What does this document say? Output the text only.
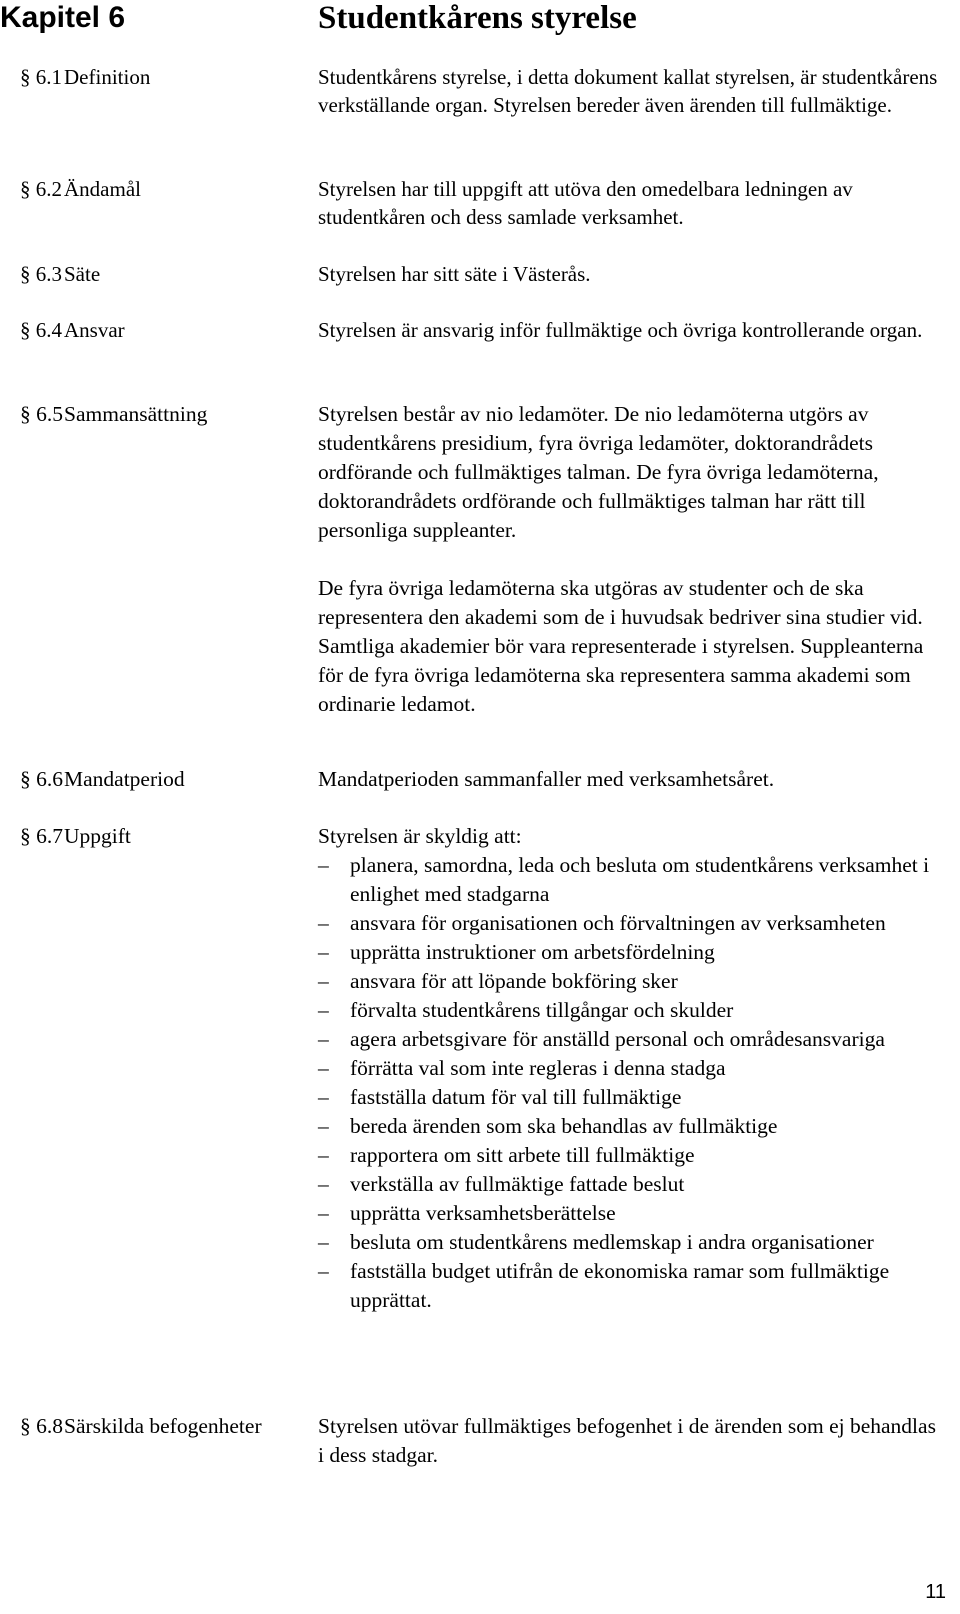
Kapitel 6	Studentkårens styrelse
§ 6.1 Definition	Studentkårens styrelse, i detta dokument kallat styrelsen, är studentkårens verkställande organ. Styrelsen bereder även ärenden till fullmäktige.
§ 6.2 Ändamål	Styrelsen har till uppgift att utöva den omedelbara ledningen av studentkåren och dess samlade verksamhet.
§ 6.3 Säte	Styrelsen har sitt säte i Västerås.
§ 6.4 Ansvar	Styrelsen är ansvarig inför fullmäktige och övriga kontrollerande organ.
§ 6.5 Sammansättning	Styrelsen består av nio ledamöter. De nio ledamöterna utgörs av studentkårens presidium, fyra övriga ledamöter, doktorandrådets ordförande och fullmäktiges talman. De fyra övriga ledamöterna, doktorandrådets ordförande och fullmäktiges talman har rätt till personliga suppleanter.

De fyra övriga ledamöterna ska utgöras av studenter och de ska representera den akademi som de i huvudsak bedriver sina studier vid. Samtliga akademier bör vara representerade i styrelsen. Suppleanterna för de fyra övriga ledamöterna ska representera samma akademi som ordinarie ledamot.

§ 6.6 Mandatperiod	Mandatperioden sammanfaller med verksamhetsåret.
§ 6.7 Uppgift	Styrelsen är skyldig att:

– planera, samordna, leda och besluta om studentkårens verksamhet i enlighet med stadgarna
– ansvara för organisationen och förvaltningen av verksamheten
– upprätta instruktioner om arbetsfördelning
– ansvara för att löpande bokföring sker
– förvalta studentkårens tillgångar och skulder
– agera arbetsgivare för anställd personal och områdesansvariga
– förrätta val som inte regleras i denna stadga
– fastställa datum för val till fullmäktige
– bereda ärenden som ska behandlas av fullmäktige
– rapportera om sitt arbete till fullmäktige
– verkställa av fullmäktige fattade beslut
– upprätta verksamhetsberättelse
– besluta om studentkårens medlemskap i andra organisationer
– fastställa budget utifrån de ekonomiska ramar som fullmäktige upprättat.
§ 6.8 Särskilda befogenheter	Styrelsen utövar fullmäktiges befogenhet i de ärenden som ej behandlas i dess stadgar.
11
